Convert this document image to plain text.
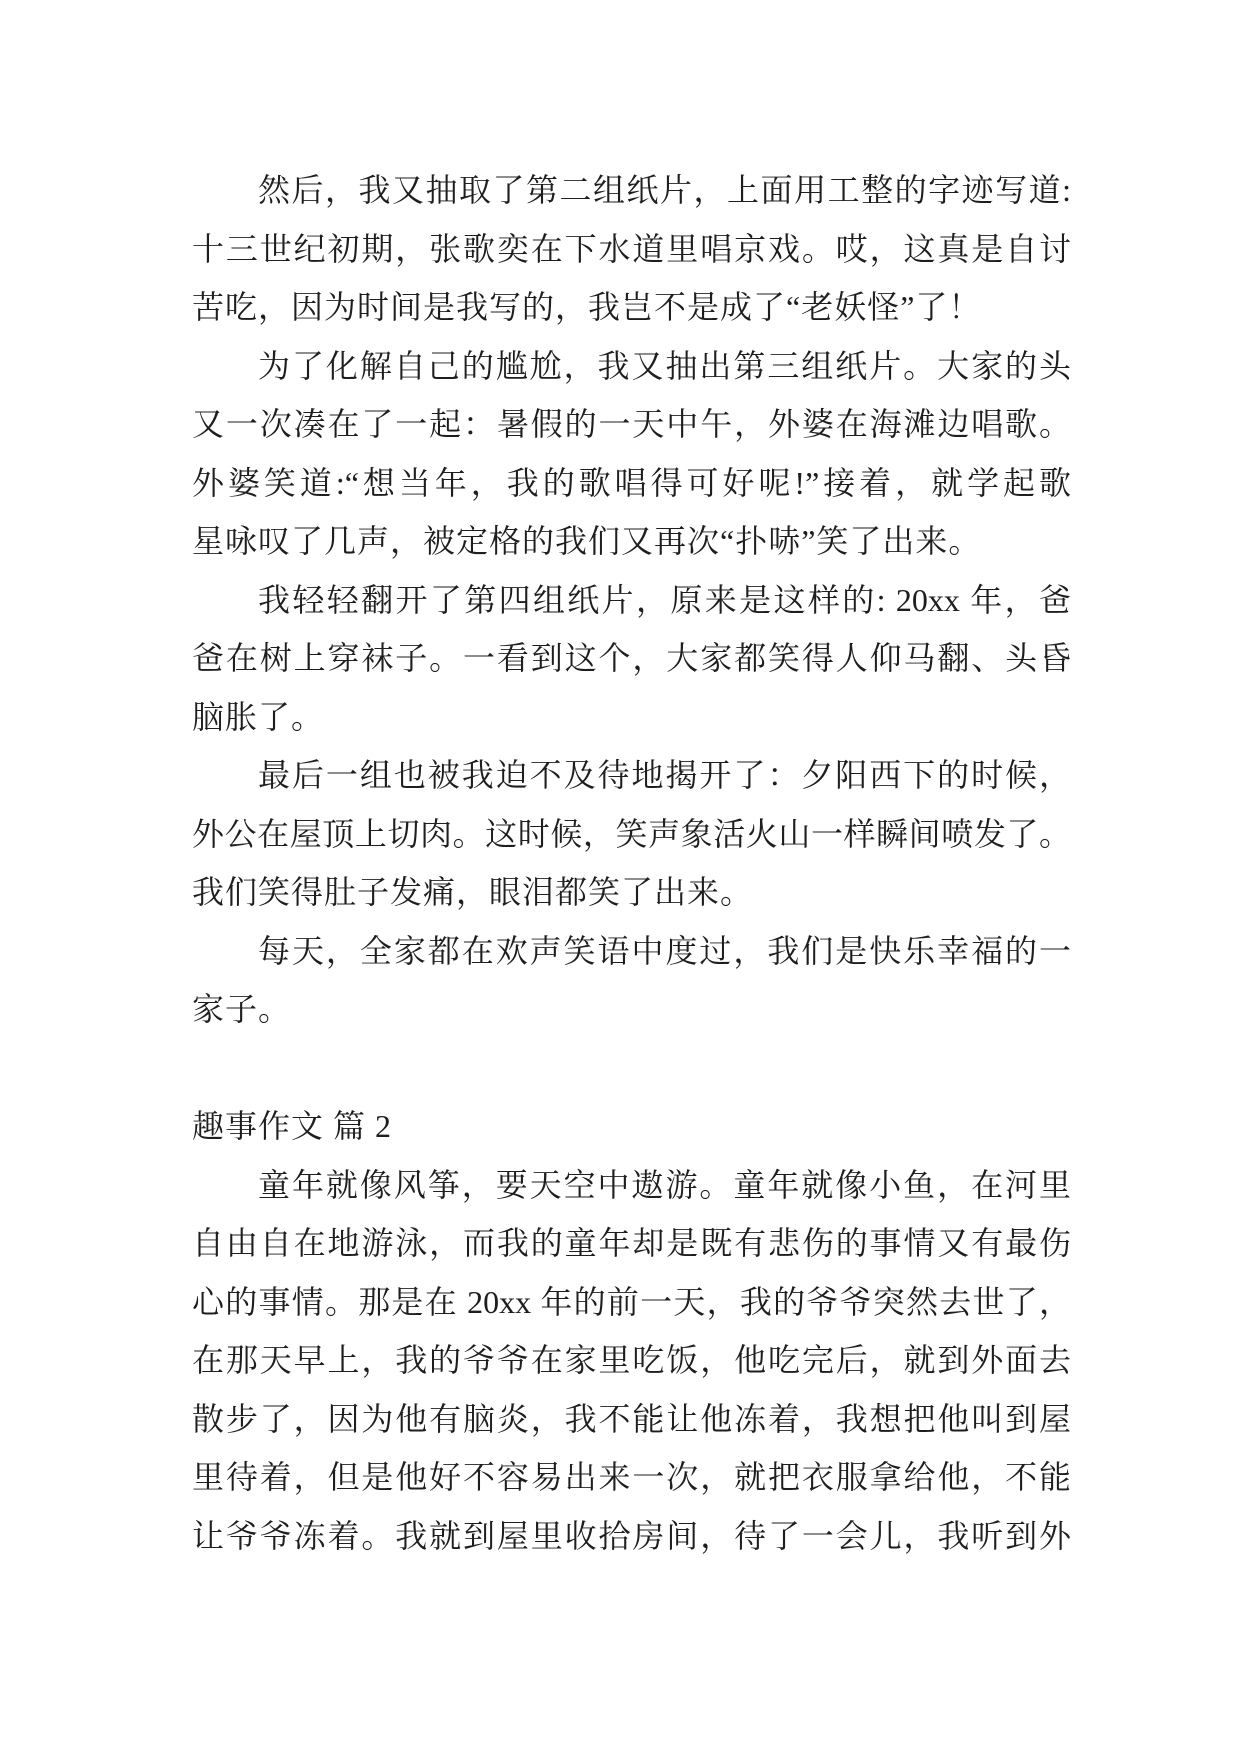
然后，我又抽取了第二组纸片，上面用工整的字迹写道:
十三世纪初期，张歌奕在下水道里唱京戏。哎，这真是自讨
苦吃，因为时间是我写的，我岂不是成了“老妖怪”了！
为了化解自己的尴尬，我又抽出第三组纸片。大家的头
又一次凑在了一起：暑假的一天中午，外婆在海滩边唱歌。
外婆笑道:“想当年，我的歌唱得可好呢!”接着，就学起歌
星咏叹了几声，被定格的我们又再次“扑哧”笑了出来。
我轻轻翻开了第四组纸片，原来是这样的: 20xx 年，爸
爸在树上穿袜子。一看到这个，大家都笑得人仰马翻、头昏
脑胀了。
最后一组也被我迫不及待地揭开了：夕阳西下的时候，
外公在屋顶上切肉。这时候，笑声象活火山一样瞬间喷发了。
我们笑得肚子发痛，眼泪都笑了出来。
每天，全家都在欢声笑语中度过，我们是快乐幸福的一
家子。
趣事作文 篇 2
童年就像风筝，要天空中遨游。童年就像小鱼，在河里
自由自在地游泳，而我的童年却是既有悲伤的事情又有最伤
心的事情。那是在 20xx 年的前一天，我的爷爷突然去世了，
在那天早上，我的爷爷在家里吃饭，他吃完后，就到外面去
散步了，因为他有脑炎，我不能让他冻着，我想把他叫到屋
里待着，但是他好不容易出来一次，就把衣服拿给他，不能
让爷爷冻着。我就到屋里收拾房间，待了一会儿，我听到外
